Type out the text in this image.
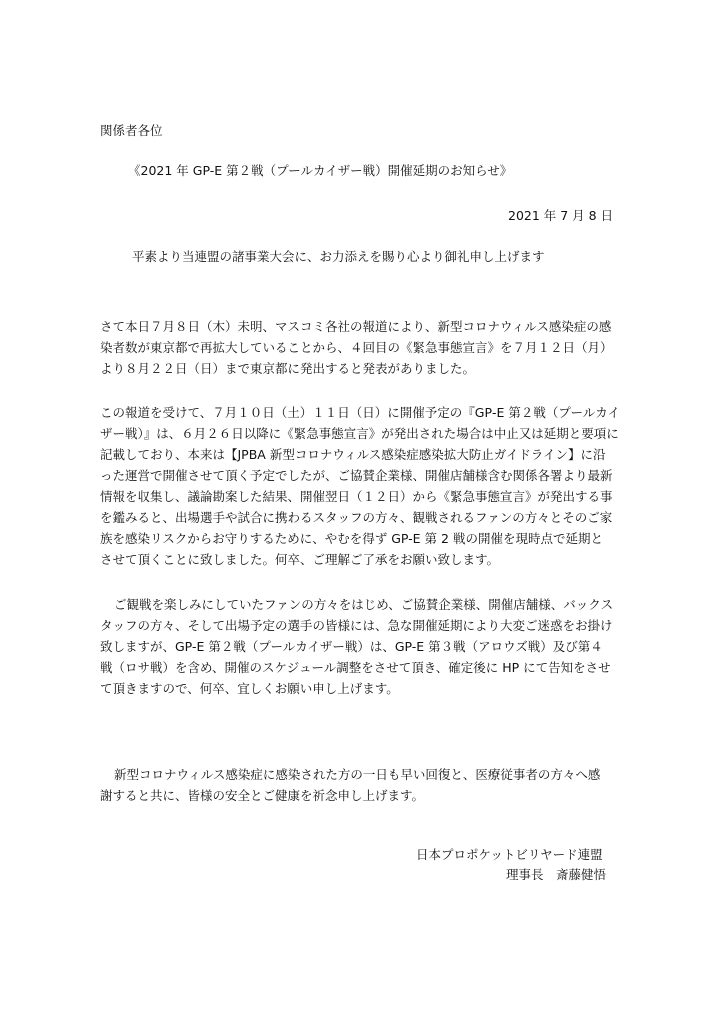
関係者各位
《2021 年 GP-E 第２戦（プールカイザー戦）開催延期のお知らせ》
2021 年 7 月 8 日
平素より当連盟の諸事業大会に、お力添えを賜り心より御礼申し上げます
さて本日７月８日（木）未明、マスコミ各社の報道により、新型コロナウィルス感染症の感
染者数が東京都で再拡大していることから、４回目の《緊急事態宣言》を７月１２日（月）
より８月２２日（日）まで東京都に発出すると発表がありました。
この報道を受けて、７月１０日（土）１１日（日）に開催予定の『GP‐E 第２戦（プールカイ
ザー戦）』は、６月２６日以降に《緊急事態宣言》が発出された場合は中止又は延期と要項に
記載しており、本来は【JPBA 新型コロナウィルス感染症感染拡大防止ガイドライン】に沿
った運営で開催させて頂く予定でしたが、ご協賛企業様、開催店舗様含む関係各署より最新
情報を収集し、議論勘案した結果、開催翌日（１２日）から《緊急事態宣言》が発出する事
を鑑みると、出場選手や試合に携わるスタッフの方々、観戦されるファンの方々とそのご家
族を感染リスクからお守りするために、やむを得ず GP-E 第 2 戦の開催を現時点で延期と
させて頂くことに致しました。何卒、ご理解ご了承をお願い致します。
ご観戦を楽しみにしていたファンの方々をはじめ、ご協賛企業様、開催店舗様、バックス
タッフの方々、そして出場予定の選手の皆様には、急な開催延期により大変ご迷惑をお掛け
致しますが、GP-E 第２戦（プールカイザー戦）は、GP-E 第３戦（アロウズ戦）及び第４
戦（ロサ戦）を含め、開催のスケジュール調整をさせて頂き、確定後に HP にて告知をさせ
て頂きますので、何卒、宜しくお願い申し上げます。
新型コロナウィルス感染症に感染された方の一日も早い回復と、医療従事者の方々へ感
謝すると共に、皆様の安全とご健康を祈念申し上げます。
日本プロポケットビリヤード連盟
理事長　斎藤健悟
